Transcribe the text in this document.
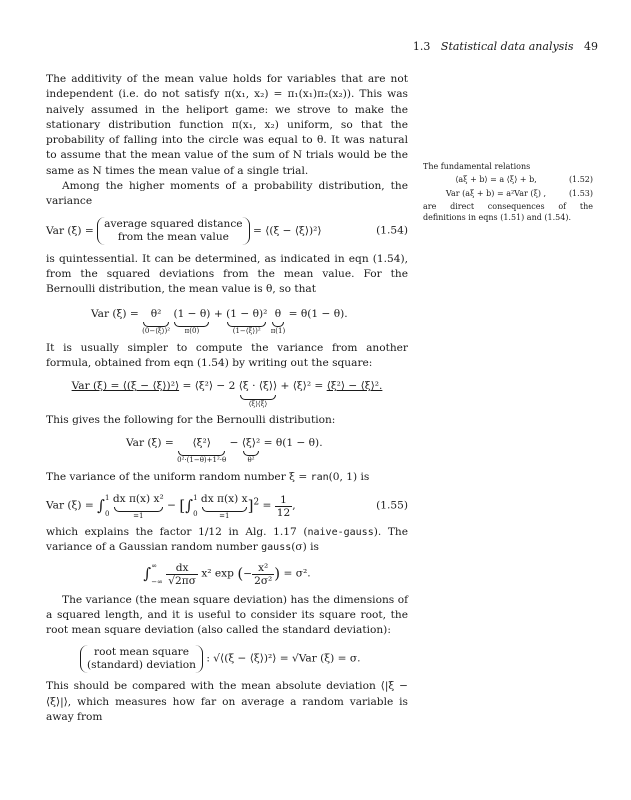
1.3 Statistical data analysis 49

The additivity of the mean value holds for variables that are not independent (i.e. do not satisfy π(x₁, x₂) = π₁(x₁)π₂(x₂)). This was naively assumed in the heliport game: we strove to make the stationary distribution function π(x₁, x₂) uniform, so that the probability of falling into the circle was equal to θ. It was natural to assume that the mean value of the sum of N trials would be the same as N times the mean value of a single trial.

Among the higher moments of a probability distribution, the variance

Var (ξ) = average squared distance
from the mean value = ⟨(ξ − ⟨ξ⟩)²⟩	(1.54)

is quintessential. It can be determined, as indicated in eqn (1.54), from the squared deviations from the mean value. For the Bernoulli distribution, the mean value is θ, so that

Var (ξ) =	θ²
(0−⟨ξ⟩)²

(1 − θ)
π(0)
+ (1 − θ)²
(1−⟨ξ⟩)²

θ
π(1)
= θ(1 − θ).

It is usually simpler to compute the variance from another formula, obtained from eqn (1.54) by writing out the square:

Var (ξ) = ⟨(ξ − ⟨ξ⟩)²⟩ = ⟨ξ²⟩ − 2 ⟨ξ · ⟨ξ⟩⟩
⟨ξ⟩⟨ξ⟩
+ ⟨ξ⟩² = ⟨ξ²⟩ − ⟨ξ⟩².

This gives the following for the Bernoulli distribution:

Var (ξ) =	⟨ξ²⟩
0²·(1−θ)+1²·θ
− ⟨ξ⟩²
θ²
= θ(1 − θ).

The variance of the uniform random number ξ = ran(0, 1) is

Var (ξ) = ∫1

0
dx π(x) x²
=1
− [∫1

0
dx π(x) x
=1
]$^2 = \frac{1}{12}$ ,	(1.55)

which explains the factor 1/12 in Alg. 1.17 (naive-gauss). The variance of a Gaussian random number gauss(σ) is

∫∞

−∞ $\frac{dx}{√2\pi\sigma} x^2$ exp (− $\frac{\text{x²}}{\text{2σ²}}$ ) = σ².

The variance (the mean square deviation) has the dimensions of a squared length, and it is useful to consider its square root, the root mean square deviation (also called the standard deviation):

root mean square
(standard) deviation : √⟨(ξ − ⟨ξ⟩)²⟩ = √Var (ξ) = σ.

This should be compared with the mean absolute deviation ⟨|ξ − ⟨ξ⟩|⟩, which measures how far on average a random variable is away from

The fundamental relations
⟨aξ + b⟩ = a ⟨ξ⟩ + b,	(1.52)
Var (aξ + b) = a²Var (ξ) ,	(1.53)
are direct consequences of the definitions in eqns (1.51) and (1.54).
